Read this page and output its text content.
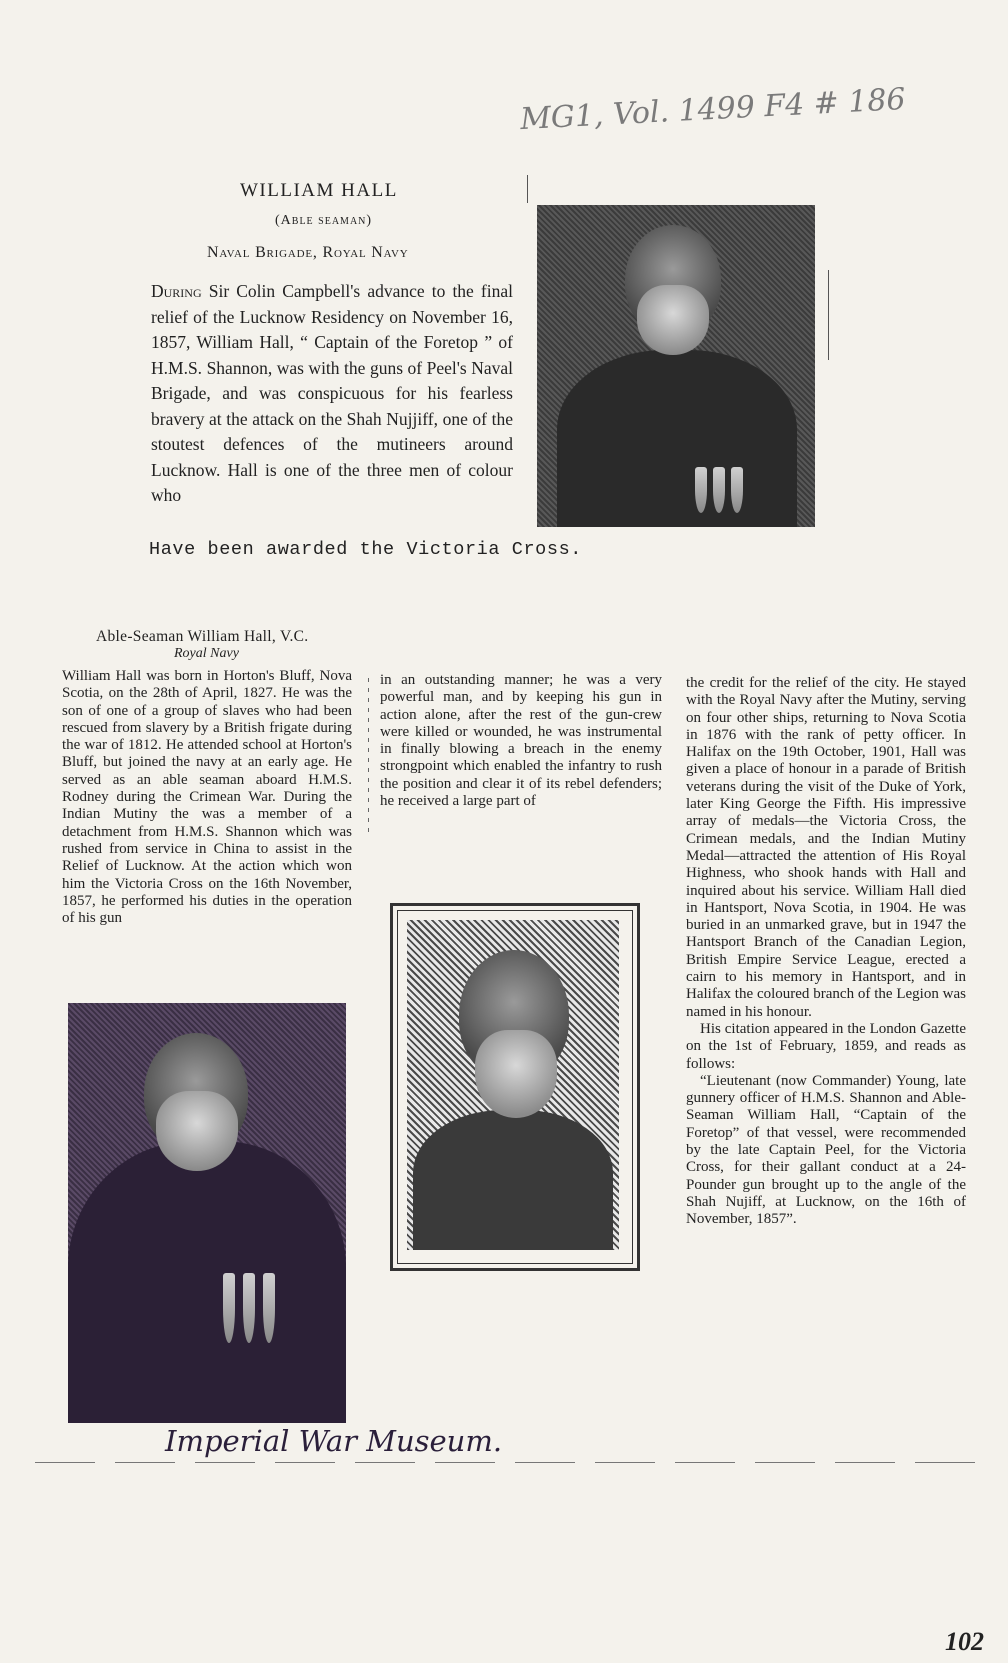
MG1, Vol. 1499 F4 # 186
WILLIAM HALL
(Able seaman)
Naval Brigade, Royal Navy

During Sir Colin Campbell's advance to the final relief of the Lucknow Residency on November 16, 1857, William Hall, “ Captain of the Foretop ” of H.M.S. Shannon, was with the guns of Peel's Naval Brigade, and was conspicuous for his fearless bravery at the attack on the Shah Nujjiff, one of the stoutest defences of the mutineers around Lucknow. Hall is one of the three men of colour who

Have been awarded the Victoria Cross.
Able-Seaman William Hall, V.C.
Royal Navy

William Hall was born in Horton's Bluff, Nova Scotia, on the 28th of April, 1827. He was the son of one of a group of slaves who had been rescued from slavery by a British frigate during the war of 1812. He attended school at Horton's Bluff, but joined the navy at an early age. He served as an able seaman aboard H.M.S. Rodney during the Crimean War. During the Indian Mutiny the was a member of a detachment from H.M.S. Shannon which was rushed from service in China to assist in the Relief of Lucknow. At the action which won him the Victoria Cross on the 16th November, 1857, he performed his duties in the operation of his gun

in an outstanding manner; he was a very powerful man, and by keeping his gun in action alone, after the rest of the gun-crew were killed or wounded, he was instrumental in finally blowing a breach in the enemy strongpoint which enabled the infantry to rush the position and clear it of its rebel defenders; he received a large part of

the credit for the relief of the city. He stayed with the Royal Navy after the Mutiny, serving on four other ships, returning to Nova Scotia in 1876 with the rank of petty officer. In Halifax on the 19th October, 1901, Hall was given a place of honour in a parade of British veterans during the visit of the Duke of York, later King George the Fifth. His impressive array of medals—the Victoria Cross, the Crimean medals, and the Indian Mutiny Medal—attracted the attention of His Royal Highness, who shook hands with Hall and inquired about his service. William Hall died in Hantsport, Nova Scotia, in 1904. He was buried in an unmarked grave, but in 1947 the Hantsport Branch of the Canadian Legion, British Empire Service League, erected a cairn to his memory in Hantsport, and in Halifax the coloured branch of the Legion was named in his honour.

His citation appeared in the London Gazette on the 1st of February, 1859, and reads as follows:

“Lieutenant (now Commander) Young, late gunnery officer of H.M.S. Shannon and Able-Seaman William Hall, “Captain of the Foretop” of that vessel, were recommended by the late Captain Peel, for the Victoria Cross, for their gallant conduct at a 24-Pounder gun brought up to the angle of the Shah Nujiff, at Lucknow, on the 16th of November, 1857”.

Imperial War Museum.
102
